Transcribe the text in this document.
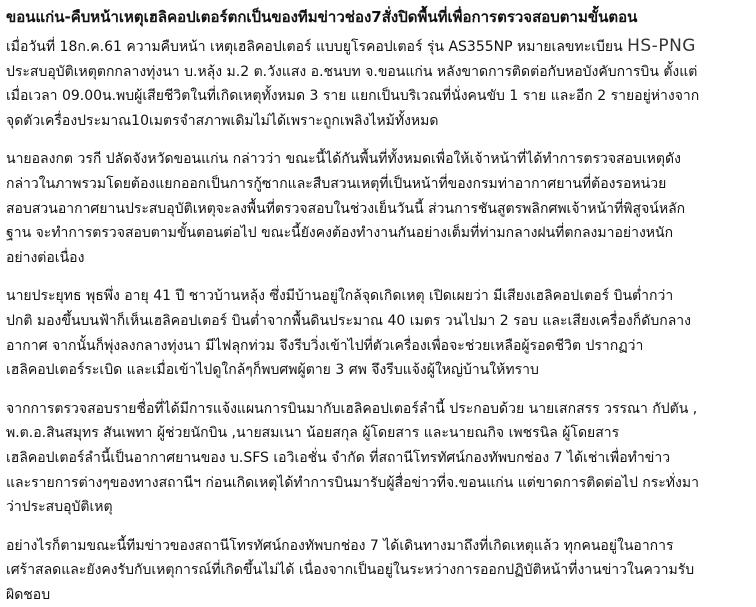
ขอนแก่น-คืบหน้าเหตุเฮลิคอปเตอร์ตกเป็นของทีมข่าวช่อง7สั่งปิดพื้นที่เพื่อการตรวจสอบตามขั้นตอน
เมื่อวันที่ 18ก.ค.61 ความคืบหน้า เหตุเฮลิคอปเตอร์ แบบยูโรคอปเตอร์ รุ่น AS355NP หมายเลขทะเบียน HS-PNG
ประสบอุบัติเหตุตกกลางทุ่งนา บ.หลุ้ง ม.2 ต.วังแสง อ.ชนบท จ.ขอนแก่น หลังขาดการติดต่อกับหอบังคับการบิน ตั้งแต่
เมื่อเวลา 09.00น.พบผู้เสียชีวิตในที่เกิดเหตุทั้งหมด 3 ราย แยกเป็นบริเวณที่นั่งคนขับ 1 ราย และอีก 2 รายอยู่ห่างจาก
จุดตัวเครื่องประมาณ10เมตรจำสภาพเดิมไม่ได้เพราะถูกเพลิงไหม้ทั้งหมด
นายอลงกต วรกี ปลัดจังหวัดขอนแก่น กล่าวว่า ขณะนี้ได้กันพื้นที่ทั้งหมดเพื่อให้เจ้าหน้าที่ได้ทำการตรวจสอบเหตุดัง
กล่าวในภาพรวมโดยต้องแยกออกเป็นการกู้ซากและสืบสวนเหตุที่เป็นหน้าที่ของกรมท่าอากาศยานที่ต้องรอหน่วย
สอบสวนอากาศยานประสบอุบัติเหตุจะลงพื้นที่ตรวจสอบในช่วงเย็นวันนี้ ส่วนการชันสูตรพลิกศพเจ้าหน้าที่พิสูจน์หลัก
ฐาน จะทำการตรวจสอบตามขั้นตอนต่อไป ขณะนี้ยังคงต้องทำงานกันอย่างเต็มที่ท่ามกลางฝนที่ตกลงมาอย่างหนัก
อย่างต่อเนื่อง
นายประยุทธ พุธพึ่ง อายุ 41 ปี ชาวบ้านหลุ้ง ซึ่งมีบ้านอยู่ใกล้จุดเกิดเหตุ เปิดเผยว่า มีเสียงเฮลิคอปเตอร์ บินต่ำกว่า
ปกติ มองขึ้นบนฟ้าก็เห็นเฮลิคอปเตอร์ บินต่ำจากพื้นดินประมาณ 40 เมตร วนไปมา 2 รอบ และเสียงเครื่องก็ดับกลาง
อากาศ จากนั้นก็พุ่งลงกลางทุ่งนา มีไฟลุกท่วม จึงรีบวิ่งเข้าไปที่ตัวเครื่องเพื่อจะช่วยเหลือผู้รอดชีวิต ปรากฏว่า
เฮลิคอปเตอร์ระเบิด และเมื่อเข้าไปดูใกล้ๆก็พบศพผู้ตาย 3 ศพ จึงรีบแจ้งผู้ใหญ่บ้านให้ทราบ
จากการตรวจสอบรายชื่อที่ได้มีการแจ้งแผนการบินมากับเฮลิคอปเตอร์ลำนี้ ประกอบด้วย นายเสกสรร วรรณา กัปตัน ,
พ.ต.อ.สินสมุทร สันเพทา ผู้ช่วยนักบิน ,นายสมเนา น้อยสกุล ผู้โดยสาร และนายณกิจ เพชรนิล ผู้โดยสาร
เฮลิคอปเตอร์ลำนี้เป็นอากาศยานของ บ.SFS เอวิเอชั่น จำกัด ที่สถานีโทรทัศน์กองทัพบกช่อง 7 ได้เช่าเพื่อทำข่าว
และรายการต่างๆของทางสถานีฯ ก่อนเกิดเหตุได้ทำการบินมารับผู้สื่อข่าวที่จ.ขอนแก่น แต่ขาดการติดต่อไป กระทั่งมา
ว่าประสบอุบัติเหตุ
อย่างไรก็ตามขณะนี้ทีมข่าวของสถานีโทรทัศน์กองทัพบกช่อง 7 ได้เดินทางมาถึงที่เกิดเหตุแล้ว ทุกคนอยู่ในอาการ
เศร้าสลดและยังคงรับกับเหตุการณ์ที่เกิดขึ้นไม่ได้ เนื่องจากเป็นอยู่ในระหว่างการออกปฏิบัติหน้าที่งานข่าวในความรับ
ผิดชอบ
